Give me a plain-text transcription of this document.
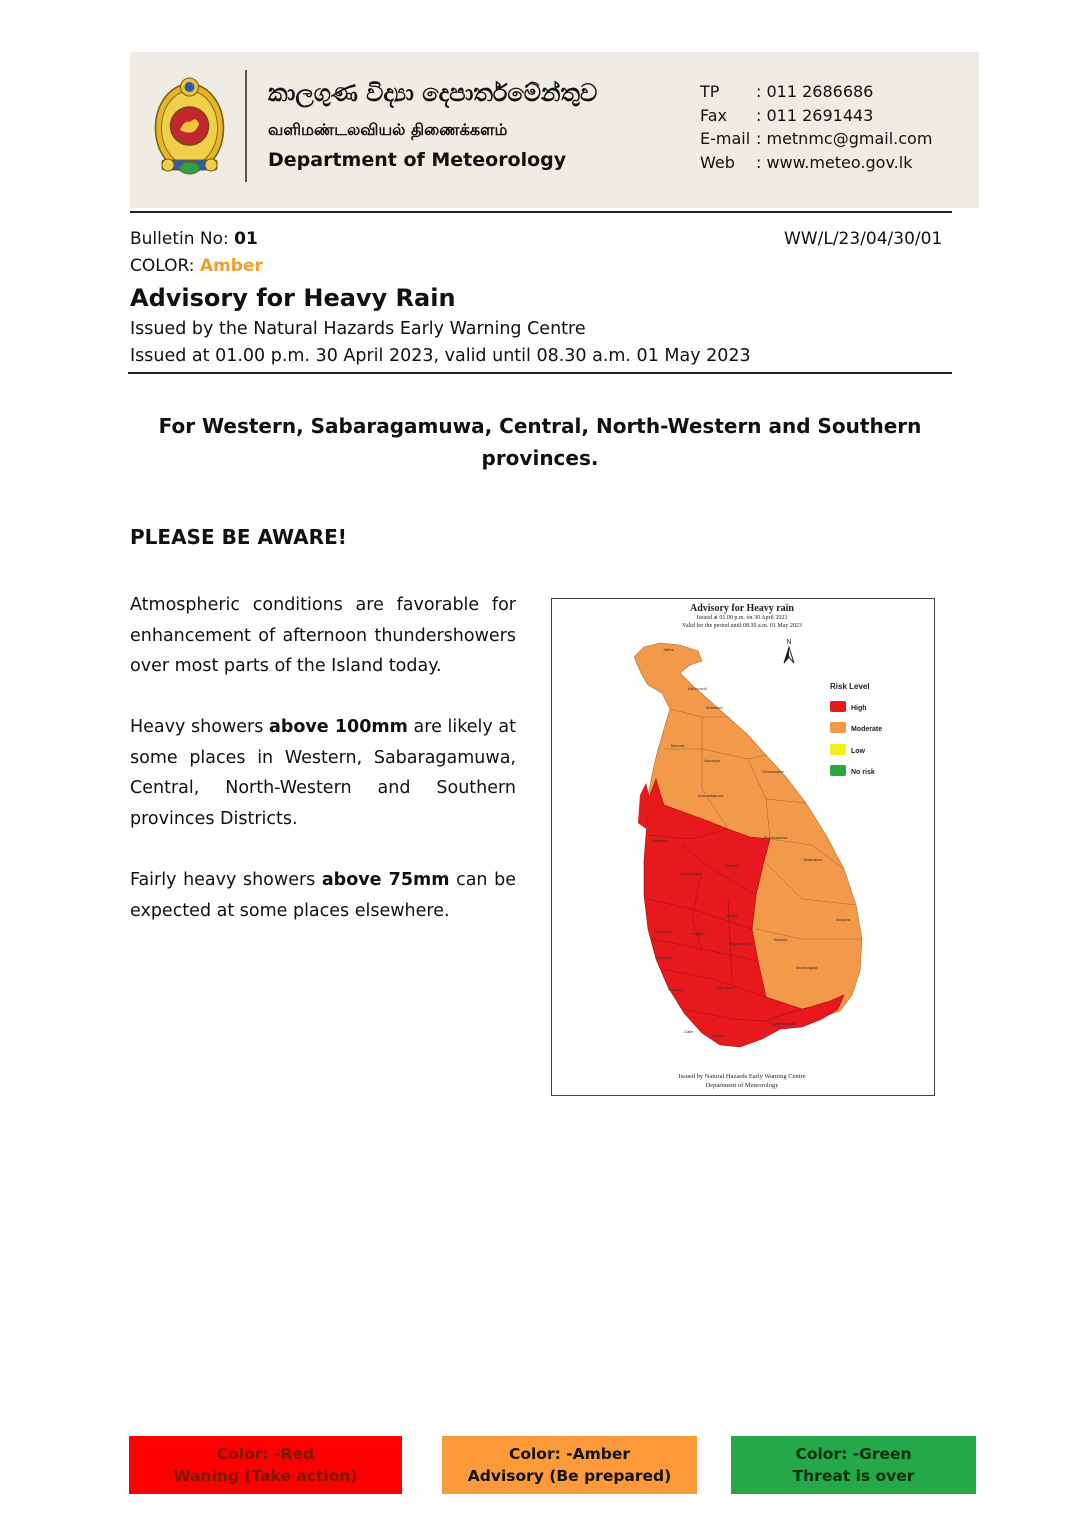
කාලගුණ විද්‍යා දෙපාර්තමේන්තුව
வளிமண்டலவியல் திணைக்களம்
Department of Meteorology
TP	: 011 2686686
Fax	: 011 2691443
E-mail : metnmc@gmail.com
Web	: www.meteo.gov.lk
Bulletin No: 01	WW/L/23/04/30/01
COLOR: Amber
Advisory for Heavy Rain
Issued by the Natural Hazards Early Warning Centre
Issued at 01.00 p.m. 30 April 2023, valid until 08.30 a.m. 01 May 2023
For Western, Sabaragamuwa, Central, North-Western and Southern provinces.
PLEASE BE AWARE!
Atmospheric conditions are favorable for enhancement of afternoon thundershowers over most parts of the Island today.
Heavy showers above 100mm are likely at some places in Western, Sabaragamuwa, Central, North-Western and Southern provinces Districts.
Fairly heavy showers above 75mm can be expected at some places elsewhere.
Advisory for Heavy rain
Issued at 01.00 p.m. on 30 April 2023
Valid for the period until 08.30 a.m. 01 May 2023
N
Jaffna
Kilinochchi
Mullaitivu
Mannar
Vavuniya
Trincomalee
Anuradhapura
Puttalam
Kurunegala
Polonnaruwa
Batticaloa
Matale
Kandy
Ampara
Gampaha	Kegalle
Badulla
Colombo
Nuwara Eliya
Moneragala
Kalutara	Ratnapura
Galle
Matara
Hambantota
Risk Level
High
Moderate
Low
No risk
Issued by Natural Hazards Early Warning Centre
Department of Meteorology
Color: -Red
Waning (Take action)
Color: -Amber
Advisory (Be prepared)
Color: -Green
Threat is over
